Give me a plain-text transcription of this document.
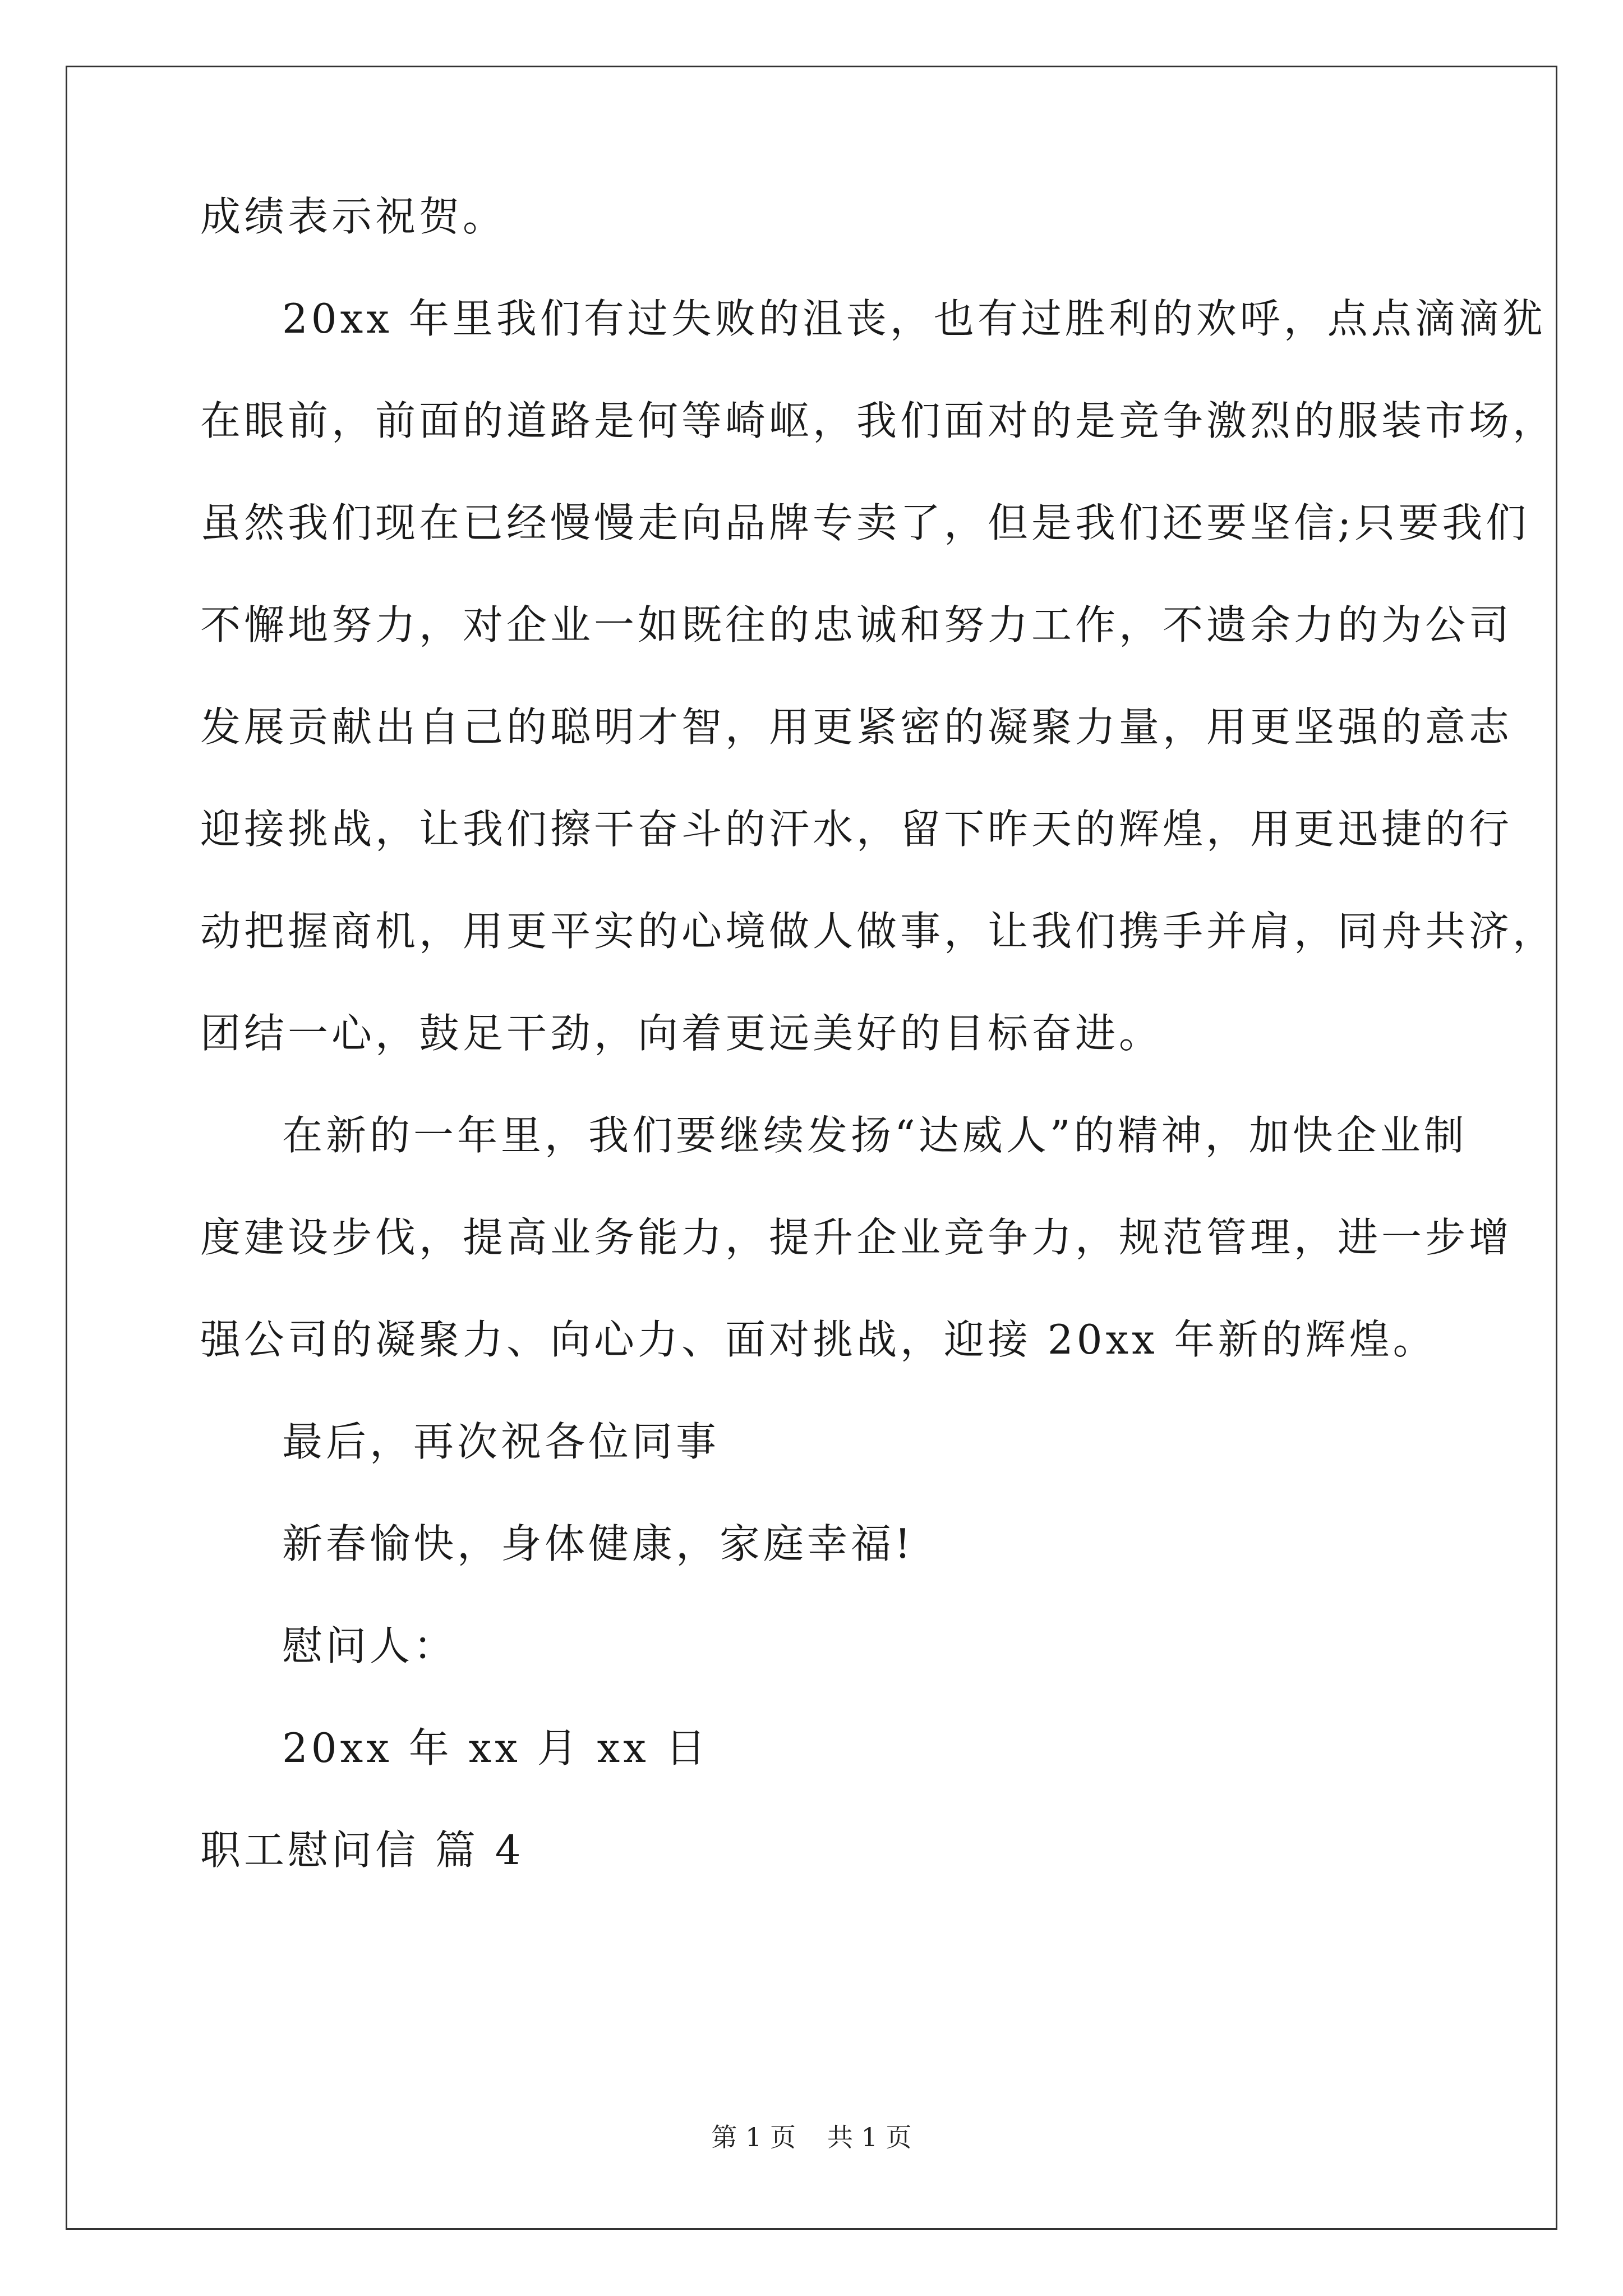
成绩表示祝贺。
20xx 年里我们有过失败的沮丧，也有过胜利的欢呼，点点滴滴犹
在眼前，前面的道路是何等崎岖，我们面对的是竞争激烈的服装市场，
虽然我们现在已经慢慢走向品牌专卖了，但是我们还要坚信;只要我们
不懈地努力，对企业一如既往的忠诚和努力工作，不遗余力的为公司
发展贡献出自己的聪明才智，用更紧密的凝聚力量，用更坚强的意志
迎接挑战，让我们擦干奋斗的汗水，留下昨天的辉煌，用更迅捷的行
动把握商机，用更平实的心境做人做事，让我们携手并肩，同舟共济，
团结一心，鼓足干劲，向着更远美好的目标奋进。
在新的一年里，我们要继续发扬“达威人”的精神，加快企业制
度建设步伐，提高业务能力，提升企业竞争力，规范管理，进一步增
强公司的凝聚力、向心力、面对挑战，迎接 20xx 年新的辉煌。
最后，再次祝各位同事
新春愉快，身体健康，家庭幸福!
慰问人：
20xx 年 xx 月 xx 日
职工慰问信 篇 4
第 1 页 共 1 页
